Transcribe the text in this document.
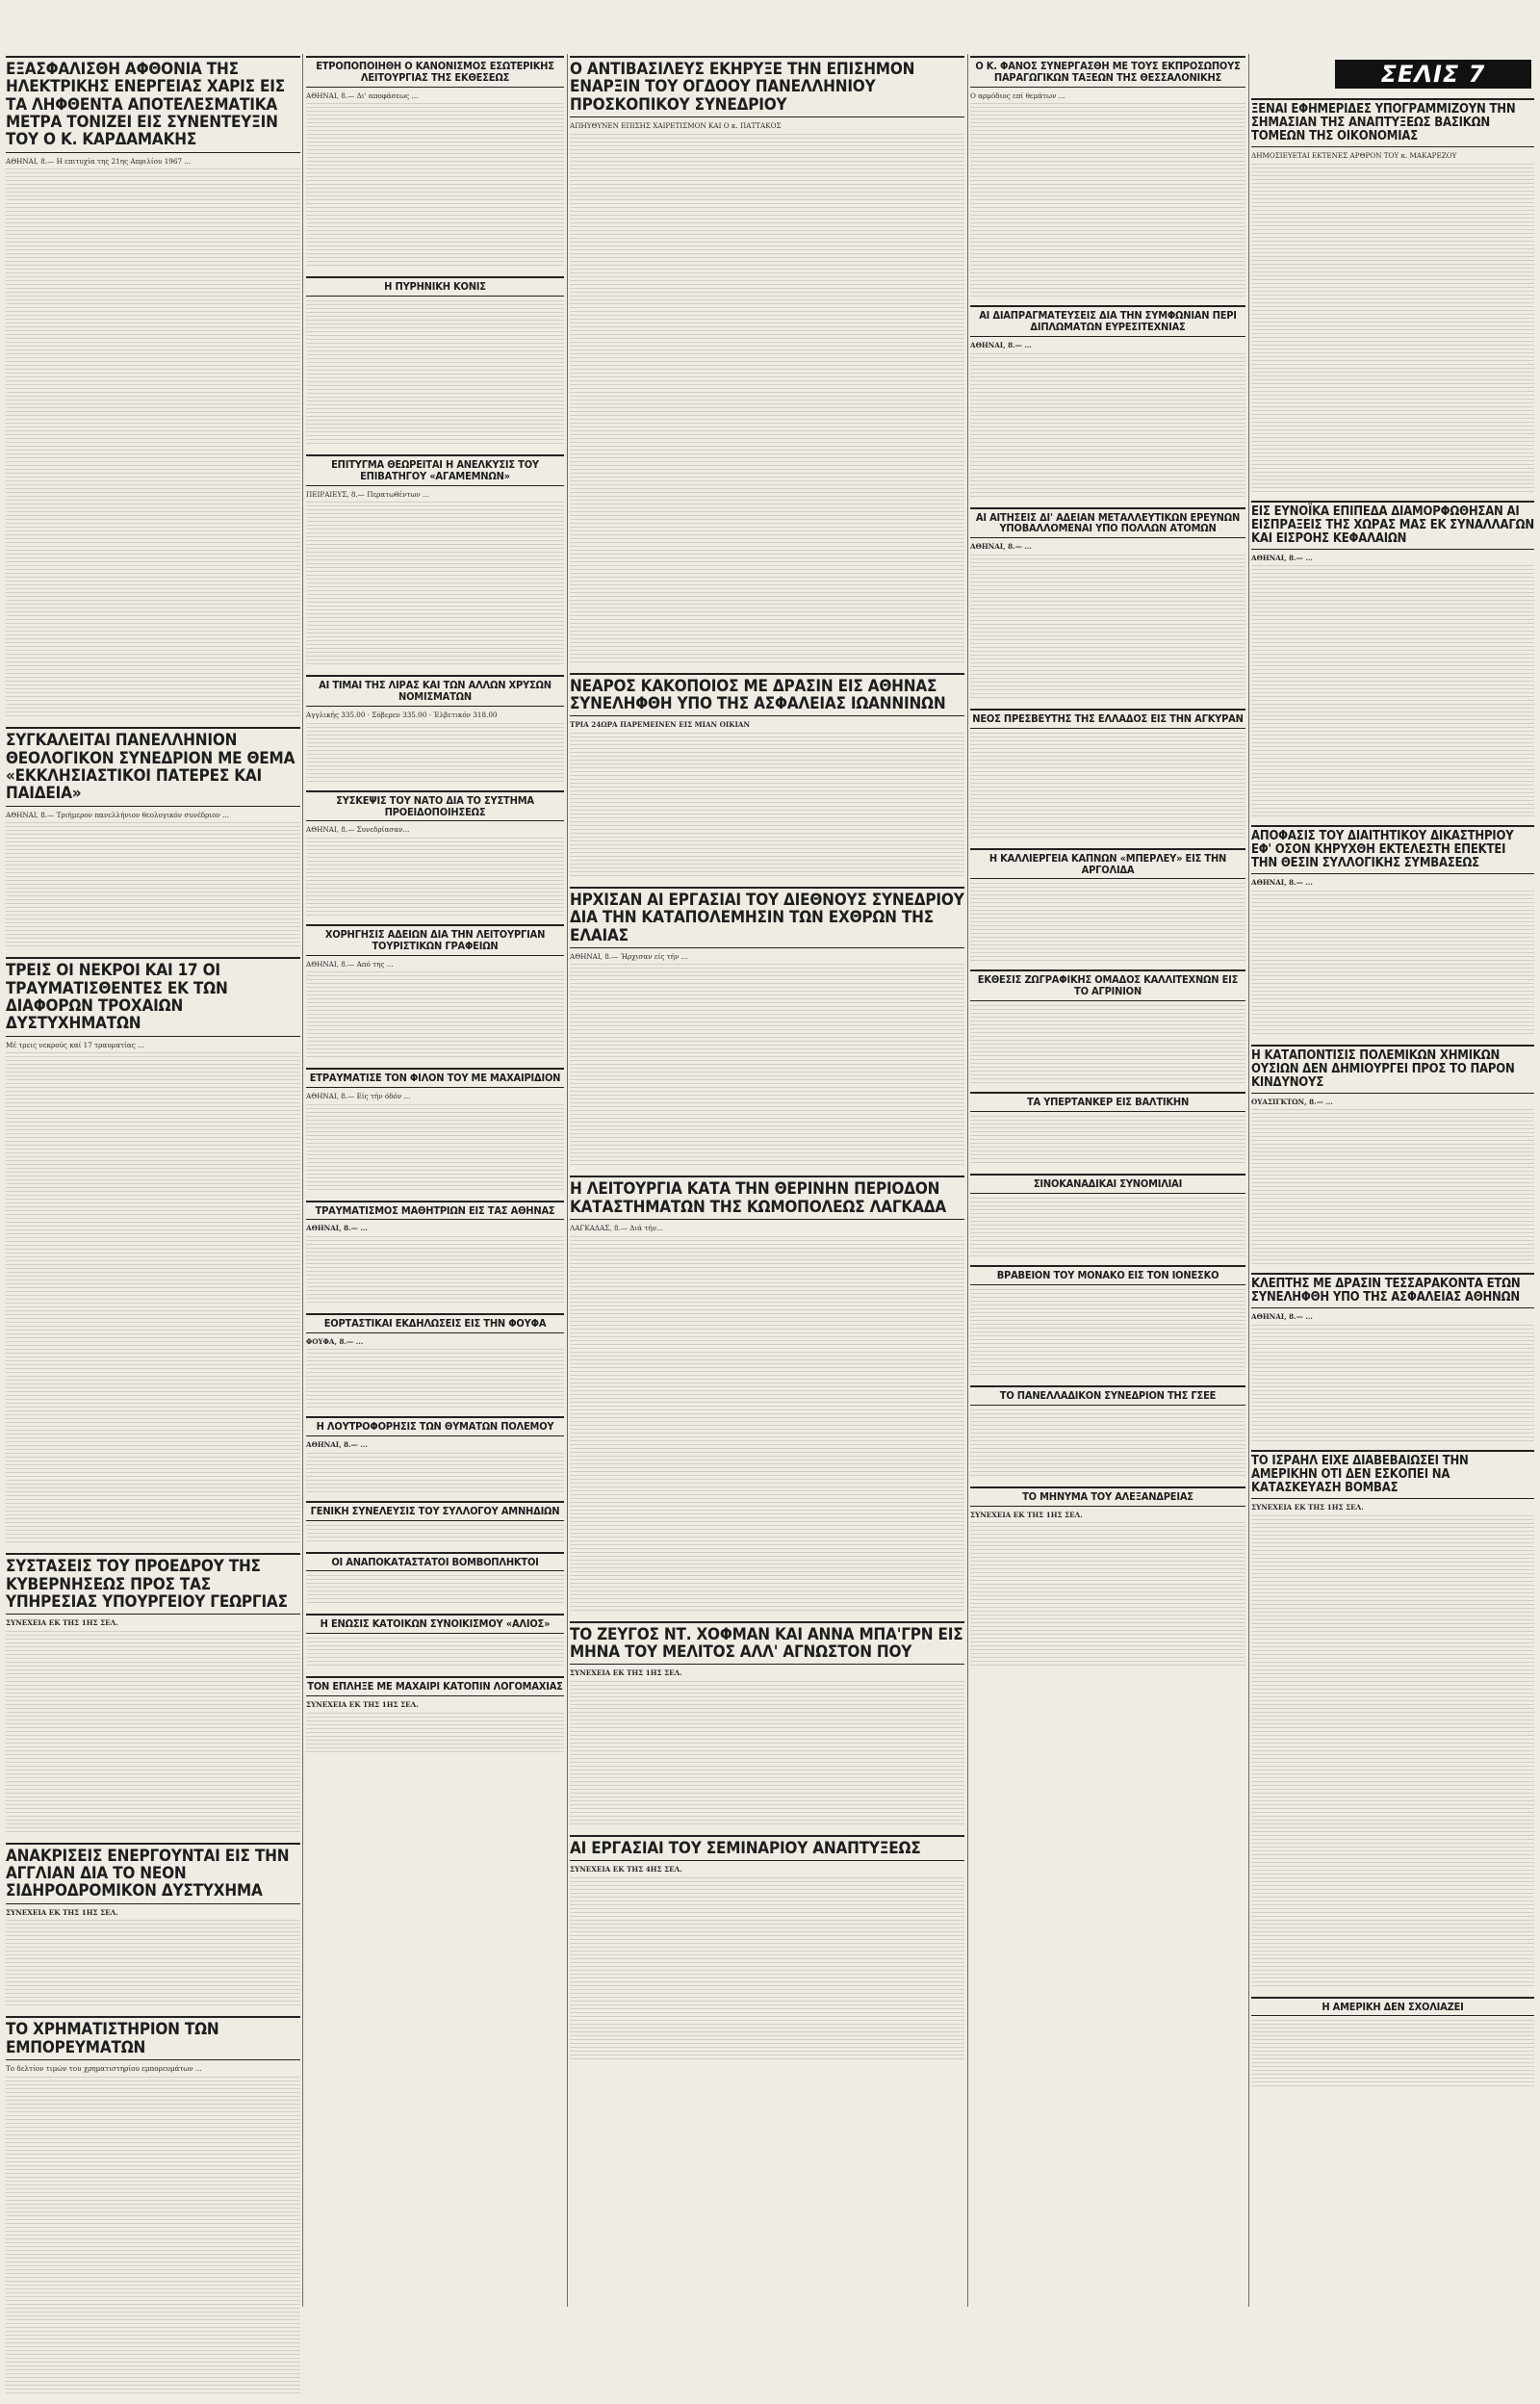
ΣΕΛΙΣ 7
ΕΞΑΣΦΑΛΙΣΘΗ ΑΦΘΟΝΙΑ ΤΗΣ ΗΛΕΚΤΡΙΚΗΣ ΕΝΕΡΓΕΙΑΣ ΧΑΡΙΣ ΕΙΣ ΤΑ ΛΗΦΘΕΝΤΑ ΑΠΟΤΕΛΕΣΜΑΤΙΚΑ ΜΕΤΡΑ ΤΟΝΙΖΕΙ ΕΙΣ ΣΥΝΕΝΤΕΥΞΙΝ ΤΟΥ Ο Κ. ΚΑΡΔΑΜΑΚΗΣ

ΑΘΗΝΑΙ, 8.— Η επιτυχία της 21ης Απριλίου 1967 ...

ΣΥΓΚΑΛΕΙΤΑΙ ΠΑΝΕΛΛΗΝΙΟΝ ΘΕΟΛΟΓΙΚΟΝ ΣΥΝΕΔΡΙΟΝ ΜΕ ΘΕΜΑ «ΕΚΚΛΗΣΙΑΣΤΙΚΟΙ ΠΑΤΕΡΕΣ ΚΑΙ ΠΑΙΔΕΙΑ»

ΑΘΗΝΑΙ, 8.— Τριήμερον πανελλήνιον θεολογικόν συνέδριον ...

ΤΡΕΙΣ ΟΙ ΝΕΚΡΟΙ ΚΑΙ 17 ΟΙ ΤΡΑΥΜΑΤΙΣΘΕΝΤΕΣ ΕΚ ΤΩΝ ΔΙΑΦΟΡΩΝ ΤΡΟΧΑΙΩΝ ΔΥΣΤΥΧΗΜΑΤΩΝ

Μέ τρεις νεκρούς καί 17 τραυματίας ...

ΣΥΣΤΑΣΕΙΣ ΤΟΥ ΠΡΟΕΔΡΟΥ ΤΗΣ ΚΥΒΕΡΝΗΣΕΩΣ ΠΡΟΣ ΤΑΣ ΥΠΗΡΕΣΙΑΣ ΥΠΟΥΡΓΕΙΟΥ ΓΕΩΡΓΙΑΣ

ΣΥΝΕΧΕΙΑ ΕΚ ΤΗΣ 1ΗΣ ΣΕΛ.

ΑΝΑΚΡΙΣΕΙΣ ΕΝΕΡΓΟΥΝΤΑΙ ΕΙΣ ΤΗΝ ΑΓΓΛΙΑΝ ΔΙΑ ΤΟ ΝΕΟΝ ΣΙΔΗΡΟΔΡΟΜΙΚΟΝ ΔΥΣΤΥΧΗΜΑ

ΣΥΝΕΧΕΙΑ ΕΚ ΤΗΣ 1ΗΣ ΣΕΛ.

ΤΟ ΧΡΗΜΑΤΙΣΤΗΡΙΟΝ ΤΩΝ ΕΜΠΟΡΕΥΜΑΤΩΝ

Το δελτίον τιμών του χρηματιστηρίου εμπορευμάτων ...

ΕΤΡΟΠΟΠΟΙΗΘΗ Ο ΚΑΝΟΝΙΣΜΟΣ ΕΣΩΤΕΡΙΚΗΣ ΛΕΙΤΟΥΡΓΙΑΣ ΤΗΣ ΕΚΘΕΣΕΩΣ

ΑΘΗΝΑΙ, 8.— Δι' αποφάσεως ...

Η ΠΥΡΗΝΙΚΗ ΚΟΝΙΣ
ΕΠΙΤΥΓΜΑ ΘΕΩΡΕΙΤΑΙ Η ΑΝΕΛΚΥΣΙΣ ΤΟΥ ΕΠΙΒΑΤΗΓΟΥ «ΑΓΑΜΕΜΝΩΝ»

ΠΕΙΡΑΙΕΥΣ, 8.— Περατωθέντων ...

ΑΙ ΤΙΜΑΙ ΤΗΣ ΛΙΡΑΣ ΚΑΙ ΤΩΝ ΑΛΛΩΝ ΧΡΥΣΩΝ ΝΟΜΙΣΜΑΤΩΝ

Αγγλικής 335.00 · Σόβερεν 335.00 · Έλβετικόν 318.00

ΣΥΣΚΕΨΙΣ ΤΟΥ ΝΑΤΟ ΔΙΑ ΤΟ ΣΥΣΤΗΜΑ ΠΡΟΕΙΔΟΠΟΙΗΣΕΩΣ

ΑΘΗΝΑΙ, 8.— Συνεδρίασαν...

ΧΟΡΗΓΗΣΙΣ ΑΔΕΙΩΝ ΔΙΑ ΤΗΝ ΛΕΙΤΟΥΡΓΙΑΝ ΤΟΥΡΙΣΤΙΚΩΝ ΓΡΑΦΕΙΩΝ

ΑΘΗΝΑΙ, 8.— Από της ...

ΕΤΡΑΥΜΑΤΙΣΕ ΤΟΝ ΦΙΛΟΝ ΤΟΥ ΜΕ ΜΑΧΑΙΡΙΔΙΟΝ

ΑΘΗΝΑΙ, 8.— Είς τήν όδόν ...

ΤΡΑΥΜΑΤΙΣΜΟΣ ΜΑΘΗΤΡΙΩΝ ΕΙΣ ΤΑΣ ΑΘΗΝΑΣ

ΑΘΗΝΑΙ, 8.— ...

ΕΟΡΤΑΣΤΙΚΑΙ ΕΚΔΗΛΩΣΕΙΣ ΕΙΣ ΤΗΝ ΦΟΥΦΑ

ΦΟΥΦΑ, 8.— ...

Η ΛΟΥΤΡΟΦΟΡΗΣΙΣ ΤΩΝ ΘΥΜΑΤΩΝ ΠΟΛΕΜΟΥ

ΑΘΗΝΑΙ, 8.— ...

ΓΕΝΙΚΗ ΣΥΝΕΛΕΥΣΙΣ ΤΟΥ ΣΥΛΛΟΓΟΥ ΑΜΝΗΔΙΩΝ
ΟΙ ΑΝΑΠΟΚΑΤΑΣΤΑΤΟΙ ΒΟΜΒΟΠΛΗΚΤΟΙ
Η ΕΝΩΣΙΣ ΚΑΤΟΙΚΩΝ ΣΥΝΟΙΚΙΣΜΟΥ «ΑΛΙΟΣ»
ΤΟΝ ΕΠΛΗΞΕ ΜΕ ΜΑΧΑΙΡΙ ΚΑΤΟΠΙΝ ΛΟΓΟΜΑΧΙΑΣ

ΣΥΝΕΧΕΙΑ ΕΚ ΤΗΣ 1ΗΣ ΣΕΛ.

Ο ΑΝΤΙΒΑΣΙΛΕΥΣ ΕΚΗΡΥΞΕ ΤΗΝ ΕΠΙΣΗΜΟΝ ΕΝΑΡΞΙΝ ΤΟΥ ΟΓΔΟΟΥ ΠΑΝΕΛΛΗΝΙΟΥ ΠΡΟΣΚΟΠΙΚΟΥ ΣΥΝΕΔΡΙΟΥ

ΑΠΗΥΘΥΝΕΝ ΕΠΙΣΗΣ ΧΑΙΡΕΤΙΣΜΟΝ ΚΑΙ Ο κ. ΠΑΤΤΑΚΟΣ

ΝΕΑΡΟΣ ΚΑΚΟΠΟΙΟΣ ΜΕ ΔΡΑΣΙΝ ΕΙΣ ΑΘΗΝΑΣ ΣΥΝΕΛΗΦΘΗ ΥΠΟ ΤΗΣ ΑΣΦΑΛΕΙΑΣ ΙΩΑΝΝΙΝΩΝ

ΤΡΙΑ 24ΩΡΑ ΠΑΡΕΜΕΙΝΕΝ ΕΙΣ ΜΙΑΝ ΟΙΚΙΑΝ

ΗΡΧΙΣΑΝ ΑΙ ΕΡΓΑΣΙΑΙ ΤΟΥ ΔΙΕΘΝΟΥΣ ΣΥΝΕΔΡΙΟΥ ΔΙΑ ΤΗΝ ΚΑΤΑΠΟΛΕΜΗΣΙΝ ΤΩΝ ΕΧΘΡΩΝ ΤΗΣ ΕΛΑΙΑΣ

ΑΘΗΝΑΙ, 8.— Ήρχισαν είς τήν ...

Η ΛΕΙΤΟΥΡΓΙΑ ΚΑΤΑ ΤΗΝ ΘΕΡΙΝΗΝ ΠΕΡΙΟΔΟΝ ΚΑΤΑΣΤΗΜΑΤΩΝ ΤΗΣ ΚΩΜΟΠΟΛΕΩΣ ΛΑΓΚΑΔΑ

ΛΑΓΚΑΔΑΣ, 8.— Διά τήν...

ΤΟ ΖΕΥΓΟΣ ΝΤ. ΧΟΦΜΑΝ ΚΑΙ ΑΝΝΑ ΜΠΑ'ΓΡΝ ΕΙΣ ΜΗΝΑ ΤΟΥ ΜΕΛΙΤΟΣ ΑΛΛ' ΑΓΝΩΣΤΟΝ ΠΟΥ

ΣΥΝΕΧΕΙΑ ΕΚ ΤΗΣ 1ΗΣ ΣΕΛ.

ΑΙ ΕΡΓΑΣΙΑΙ ΤΟΥ ΣΕΜΙΝΑΡΙΟΥ ΑΝΑΠΤΥΞΕΩΣ

ΣΥΝΕΧΕΙΑ ΕΚ ΤΗΣ 4ΗΣ ΣΕΛ.

Ο Κ. ΦΑΝΟΣ ΣΥΝΕΡΓΑΣΘΗ ΜΕ ΤΟΥΣ ΕΚΠΡΟΣΩΠΟΥΣ ΠΑΡΑΓΩΓΙΚΩΝ ΤΑΞΕΩΝ ΤΗΣ ΘΕΣΣΑΛΟΝΙΚΗΣ

Ο αρμόδιος επί θεμάτων ...

ΑΙ ΔΙΑΠΡΑΓΜΑΤΕΥΣΕΙΣ ΔΙΑ ΤΗΝ ΣΥΜΦΩΝΙΑΝ ΠΕΡΙ ΔΙΠΛΩΜΑΤΩΝ ΕΥΡΕΣΙΤΕΧΝΙΑΣ

ΑΘΗΝΑΙ, 8.— ...

ΑΙ ΑΙΤΗΣΕΙΣ ΔΙ' ΑΔΕΙΑΝ ΜΕΤΑΛΛΕΥΤΙΚΩΝ ΕΡΕΥΝΩΝ ΥΠΟΒΑΛΛΟΜΕΝΑΙ ΥΠΟ ΠΟΛΛΩΝ ΑΤΟΜΩΝ

ΑΘΗΝΑΙ, 8.— ...

ΝΕΟΣ ΠΡΕΣΒΕΥΤΗΣ ΤΗΣ ΕΛΛΑΔΟΣ ΕΙΣ ΤΗΝ ΑΓΚΥΡΑΝ
Η ΚΑΛΛΙΕΡΓΕΙΑ ΚΑΠΝΩΝ «ΜΠΕΡΛΕΥ» ΕΙΣ ΤΗΝ ΑΡΓΟΛΙΔΑ
ΕΚΘΕΣΙΣ ΖΩΓΡΑΦΙΚΗΣ ΟΜΑΔΟΣ ΚΑΛΛΙΤΕΧΝΩΝ ΕΙΣ ΤΟ ΑΓΡΙΝΙΟΝ
ΤΑ ΥΠΕΡΤΑΝΚΕΡ ΕΙΣ ΒΑΛΤΙΚΗΝ
ΣΙΝΟΚΑΝΑΔΙΚΑΙ ΣΥΝΟΜΙΛΙΑΙ
ΒΡΑΒΕΙΟΝ ΤΟΥ ΜΟΝΑΚΟ ΕΙΣ ΤΟΝ ΙΟΝΕΣΚΟ
ΤΟ ΠΑΝΕΛΛΑΔΙΚΟΝ ΣΥΝΕΔΡΙΟΝ ΤΗΣ ΓΣΕΕ
ΤΟ ΜΗΝΥΜΑ ΤΟΥ ΑΛΕΞΑΝΔΡΕΙΑΣ

ΣΥΝΕΧΕΙΑ ΕΚ ΤΗΣ 1ΗΣ ΣΕΛ.

ΞΕΝΑΙ ΕΦΗΜΕΡΙΔΕΣ ΥΠΟΓΡΑΜΜΙΖΟΥΝ ΤΗΝ ΣΗΜΑΣΙΑΝ ΤΗΣ ΑΝΑΠΤΥΞΕΩΣ ΒΑΣΙΚΩΝ ΤΟΜΕΩΝ ΤΗΣ ΟΙΚΟΝΟΜΙΑΣ

ΔΗΜΟΣΙΕΥΕΤΑΙ ΕΚΤΕΝΕΣ ΑΡΘΡΟΝ ΤΟΥ κ. ΜΑΚΑΡΕΖΟΥ

ΕΙΣ ΕΥΝΟΪΚΑ ΕΠΙΠΕΔΑ ΔΙΑΜΟΡΦΩΘΗΣΑΝ ΑΙ ΕΙΣΠΡΑΞΕΙΣ ΤΗΣ ΧΩΡΑΣ ΜΑΣ ΕΚ ΣΥΝΑΛΛΑΓΩΝ ΚΑΙ ΕΙΣΡΟΗΣ ΚΕΦΑΛΑΙΩΝ

ΑΘΗΝΑΙ, 8.— ...

ΑΠΟΦΑΣΙΣ ΤΟΥ ΔΙΑΙΤΗΤΙΚΟΥ ΔΙΚΑΣΤΗΡΙΟΥ ΕΦ' ΟΣΟΝ ΚΗΡΥΧΘΗ ΕΚΤΕΛΕΣΤΗ ΕΠΕΚΤΕΙ ΤΗΝ ΘΕΣΙΝ ΣΥΛΛΟΓΙΚΗΣ ΣΥΜΒΑΣΕΩΣ

ΑΘΗΝΑΙ, 8.— ...

Η ΚΑΤΑΠΟΝΤΙΣΙΣ ΠΟΛΕΜΙΚΩΝ ΧΗΜΙΚΩΝ ΟΥΣΙΩΝ ΔΕΝ ΔΗΜΙΟΥΡΓΕΙ ΠΡΟΣ ΤΟ ΠΑΡΟΝ ΚΙΝΔΥΝΟΥΣ

ΟΥΑΣΙΓΚΤΩΝ, 8.— ...

ΚΛΕΠΤΗΣ ΜΕ ΔΡΑΣΙΝ ΤΕΣΣΑΡΑΚΟΝΤΑ ΕΤΩΝ ΣΥΝΕΛΗΦΘΗ ΥΠΟ ΤΗΣ ΑΣΦΑΛΕΙΑΣ ΑΘΗΝΩΝ

ΑΘΗΝΑΙ, 8.— ...

ΤΟ ΙΣΡΑΗΛ ΕΙΧΕ ΔΙΑΒΕΒΑΙΩΣΕΙ ΤΗΝ ΑΜΕΡΙΚΗΝ ΟΤΙ ΔΕΝ ΕΣΚΟΠΕΙ ΝΑ ΚΑΤΑΣΚΕΥΑΣΗ ΒΟΜΒΑΣ

ΣΥΝΕΧΕΙΑ ΕΚ ΤΗΣ 1ΗΣ ΣΕΛ.

Η ΑΜΕΡΙΚΗ ΔΕΝ ΣΧΟΛΙΑΖΕΙ
